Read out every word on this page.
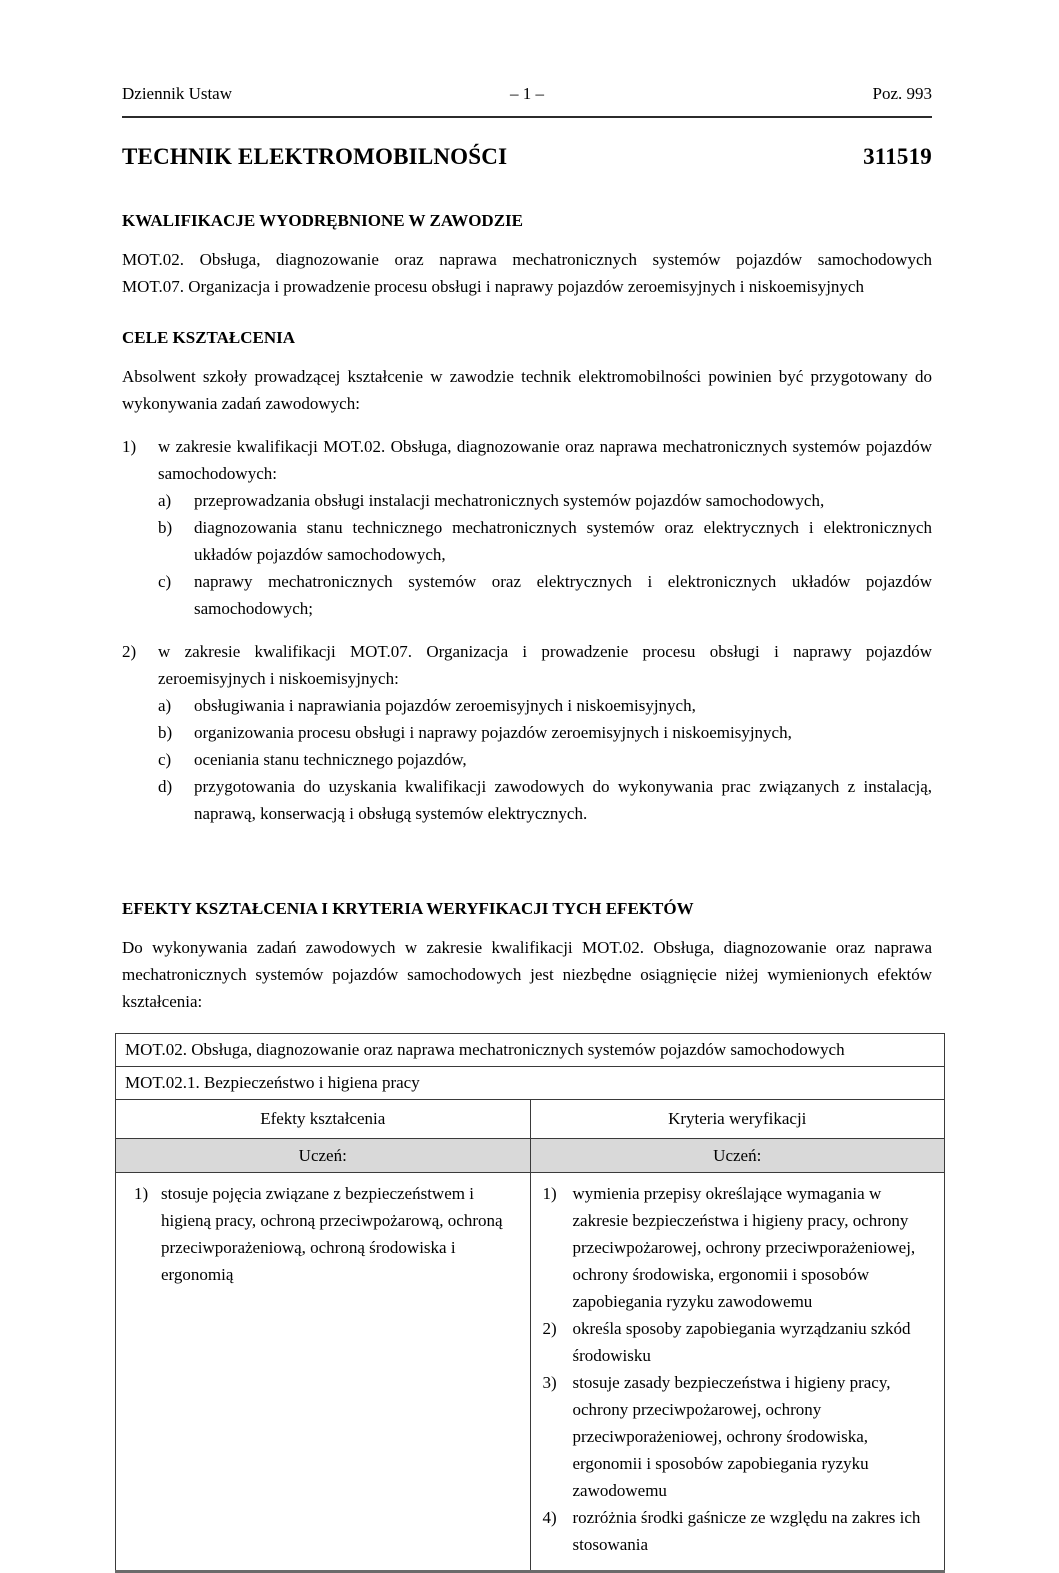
Dziennik Ustaw	– 1 –	Poz. 993
TECHNIK ELEKTROMOBILNOŚCI	311519
KWALIFIKACJE WYODRĘBNIONE W ZAWODZIE
MOT.02. Obsługa, diagnozowanie oraz naprawa mechatronicznych systemów pojazdów samochodowych
MOT.07. Organizacja i prowadzenie procesu obsługi i naprawy pojazdów zeroemisyjnych i niskoemisyjnych
CELE KSZTAŁCENIA
Absolwent szkoły prowadzącej kształcenie w zawodzie technik elektromobilności powinien być przygotowany do wykonywania zadań zawodowych:
1)	w zakresie kwalifikacji MOT.02. Obsługa, diagnozowanie oraz naprawa mechatronicznych systemów pojazdów samochodowych:
a)	przeprowadzania obsługi instalacji mechatronicznych systemów pojazdów samochodowych,
b)	diagnozowania stanu technicznego mechatronicznych systemów oraz elektrycznych i elektronicznych układów pojazdów samochodowych,
c)	naprawy mechatronicznych systemów oraz elektrycznych i elektronicznych układów pojazdów samochodowych;
2)	w zakresie kwalifikacji MOT.07. Organizacja i prowadzenie procesu obsługi i naprawy pojazdów zeroemisyjnych i niskoemisyjnych:
a)	obsługiwania i naprawiania pojazdów zeroemisyjnych i niskoemisyjnych,
b)	organizowania procesu obsługi i naprawy pojazdów zeroemisyjnych i niskoemisyjnych,
c)	oceniania stanu technicznego pojazdów,
d)	przygotowania do uzyskania kwalifikacji zawodowych do wykonywania prac związanych z instalacją, naprawą, konserwacją i obsługą systemów elektrycznych.
EFEKTY KSZTAŁCENIA I KRYTERIA WERYFIKACJI TYCH EFEKTÓW
Do wykonywania zadań zawodowych w zakresie kwalifikacji MOT.02. Obsługa, diagnozowanie oraz naprawa mechatronicznych systemów pojazdów samochodowych jest niezbędne osiągnięcie niżej wymienionych efektów kształcenia:
MOT.02. Obsługa, diagnozowanie oraz naprawa mechatronicznych systemów pojazdów samochodowych	
MOT.02.1. Bezpieczeństwo i higiena pracy	
Efekty kształcenia	Kryteria weryfikacji
Uczeń:	Uczeń:

1) stosuje pojęcia związane z bezpieczeństwem i higieną pracy, ochroną przeciwpożarową, ochroną przeciwporażeniową, ochroną środowiska i ergonomią

1) wymienia przepisy określające wymagania w zakresie bezpieczeństwa i higieny pracy, ochrony przeciwpożarowej, ochrony przeciwporażeniowej, ochrony środowiska, ergonomii i sposobów zapobiegania ryzyku zawodowemu
2) określa sposoby zapobiegania wyrządzaniu szkód środowisku
3) stosuje zasady bezpieczeństwa i higieny pracy, ochrony przeciwpożarowej, ochrony przeciwporażeniowej, ochrony środowiska, ergonomii i sposobów zapobiegania ryzyku zawodowemu
4) rozróżnia środki gaśnicze ze względu na zakres ich stosowania
